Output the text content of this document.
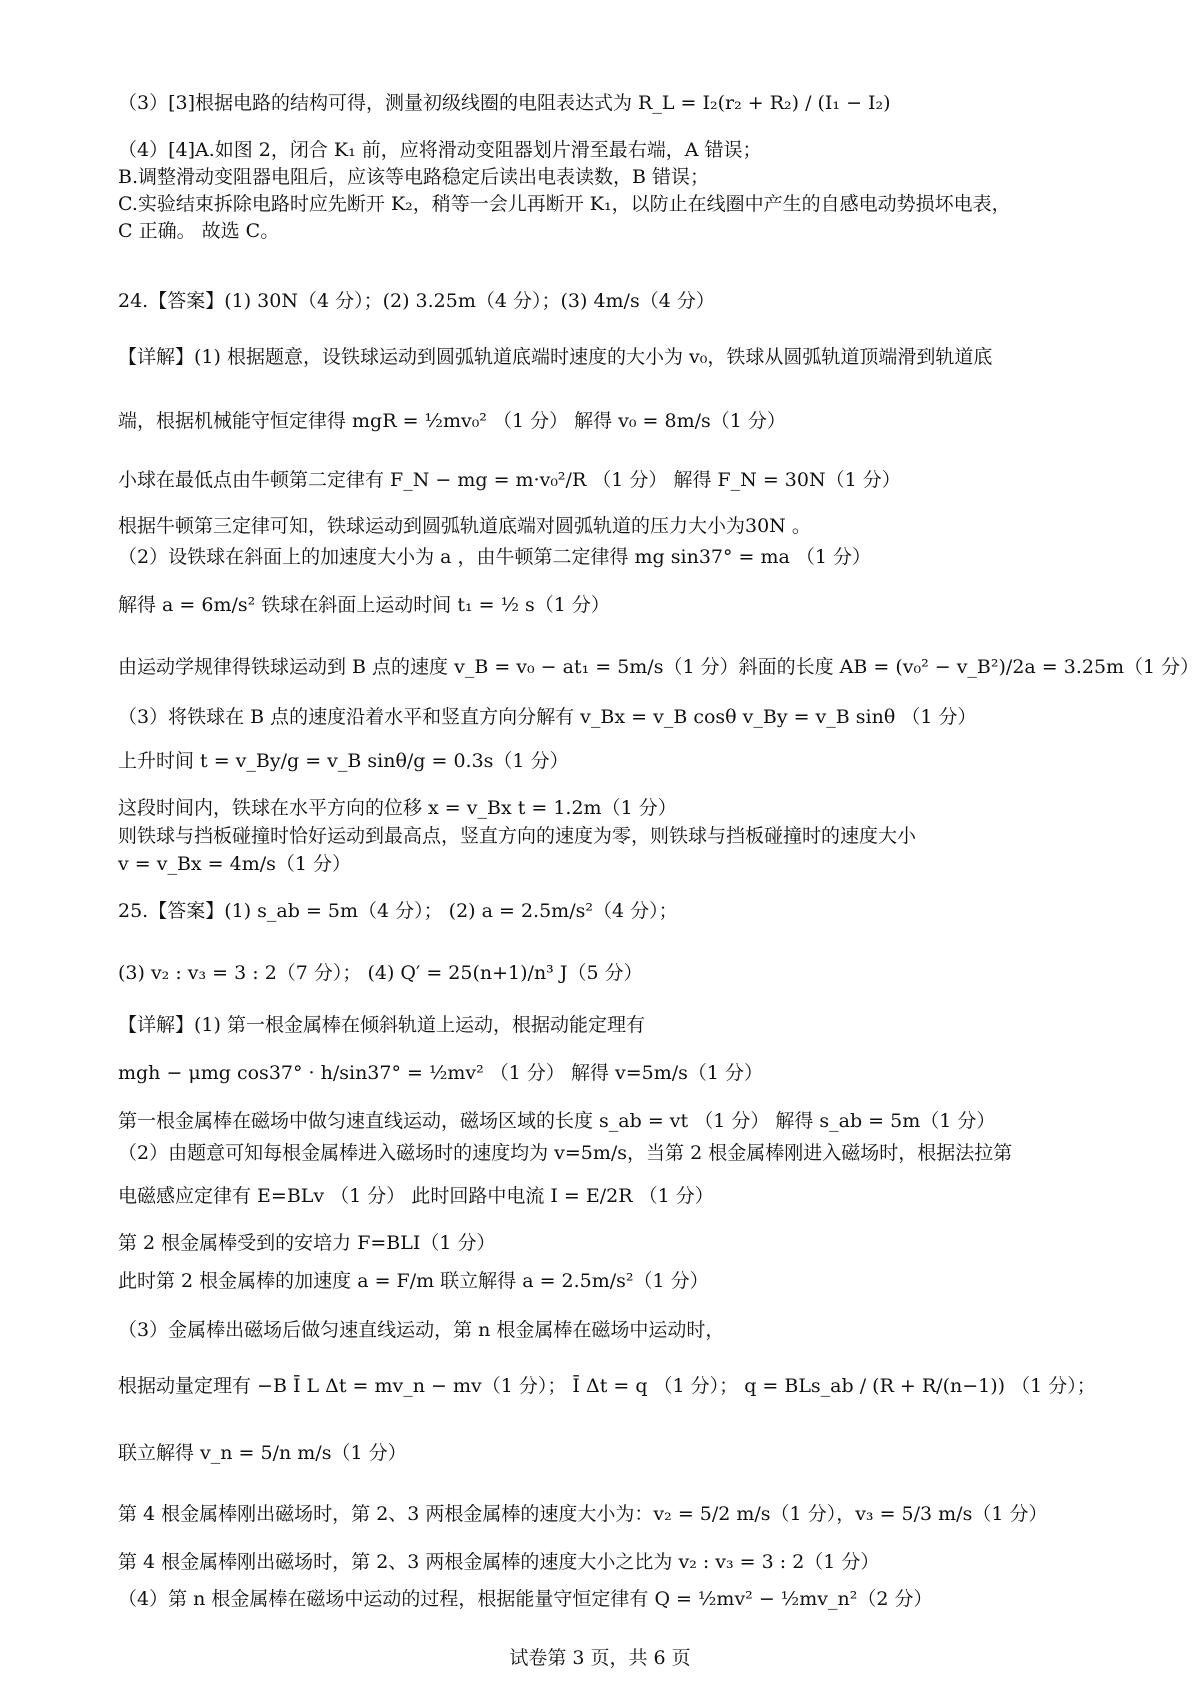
（3）[3]根据电路的结构可得，测量初级线圈的电阻表达式为 R_L = I₂(r₂ + R₂) / (I₁ − I₂)
（4）[4]A.如图 2，闭合 K₁ 前，应将滑动变阻器划片滑至最右端，A 错误；
B.调整滑动变阻器电阻后，应该等电路稳定后读出电表读数，B 错误；
C.实验结束拆除电路时应先断开 K₂，稍等一会儿再断开 K₁，以防止在线圈中产生的自感电动势损坏电表，
C 正确。 故选 C。
24.【答案】(1) 30N（4 分）；(2) 3.25m（4 分）；(3) 4m/s（4 分）
【详解】(1) 根据题意，设铁球运动到圆弧轨道底端时速度的大小为 v₀，铁球从圆弧轨道顶端滑到轨道底
端，根据机械能守恒定律得 mgR = ½mv₀² （1 分） 解得 v₀ = 8m/s（1 分）
小球在最低点由牛顿第二定律有 F_N − mg = m·v₀²/R （1 分） 解得 F_N = 30N（1 分）
根据牛顿第三定律可知，铁球运动到圆弧轨道底端对圆弧轨道的压力大小为30N 。
（2）设铁球在斜面上的加速度大小为 a ，由牛顿第二定律得 mg sin37° = ma （1 分）
解得 a = 6m/s² 铁球在斜面上运动时间 t₁ = ½ s（1 分）
由运动学规律得铁球运动到 B 点的速度 v_B = v₀ − at₁ = 5m/s（1 分）斜面的长度 AB = (v₀² − v_B²)/2a = 3.25m（1 分）
（3）将铁球在 B 点的速度沿着水平和竖直方向分解有 v_Bx = v_B cosθ v_By = v_B sinθ （1 分）
上升时间 t = v_By/g = v_B sinθ/g = 0.3s（1 分）
这段时间内，铁球在水平方向的位移 x = v_Bx t = 1.2m（1 分）
则铁球与挡板碰撞时恰好运动到最高点，竖直方向的速度为零，则铁球与挡板碰撞时的速度大小
v = v_Bx = 4m/s（1 分）
25.【答案】(1) s_ab = 5m（4 分）； (2) a = 2.5m/s²（4 分）；
(3) v₂ : v₃ = 3 : 2（7 分）； (4) Q′ = 25(n+1)/n³ J（5 分）
【详解】(1) 第一根金属棒在倾斜轨道上运动，根据动能定理有
mgh − μmg cos37° · h/sin37° = ½mv² （1 分） 解得 v=5m/s（1 分）
第一根金属棒在磁场中做匀速直线运动，磁场区域的长度 s_ab = vt （1 分） 解得 s_ab = 5m（1 分）
（2）由题意可知每根金属棒进入磁场时的速度均为 v=5m/s，当第 2 根金属棒刚进入磁场时，根据法拉第
电磁感应定律有 E=BLv （1 分） 此时回路中电流 I = E/2R （1 分）
第 2 根金属棒受到的安培力 F=BLI（1 分）
此时第 2 根金属棒的加速度 a = F/m 联立解得 a = 2.5m/s²（1 分）
（3）金属棒出磁场后做匀速直线运动，第 n 根金属棒在磁场中运动时，
根据动量定理有 −B Ī L Δt = mv_n − mv（1 分）； Ī Δt = q （1 分）； q = BLs_ab / (R + R/(n−1)) （1 分）；
联立解得 v_n = 5/n m/s（1 分）
第 4 根金属棒刚出磁场时，第 2、3 两根金属棒的速度大小为：v₂ = 5/2 m/s（1 分），v₃ = 5/3 m/s（1 分）
第 4 根金属棒刚出磁场时，第 2、3 两根金属棒的速度大小之比为 v₂ : v₃ = 3 : 2（1 分）
（4）第 n 根金属棒在磁场中运动的过程，根据能量守恒定律有 Q = ½mv² − ½mv_n²（2 分）
试卷第 3 页，共 6 页
